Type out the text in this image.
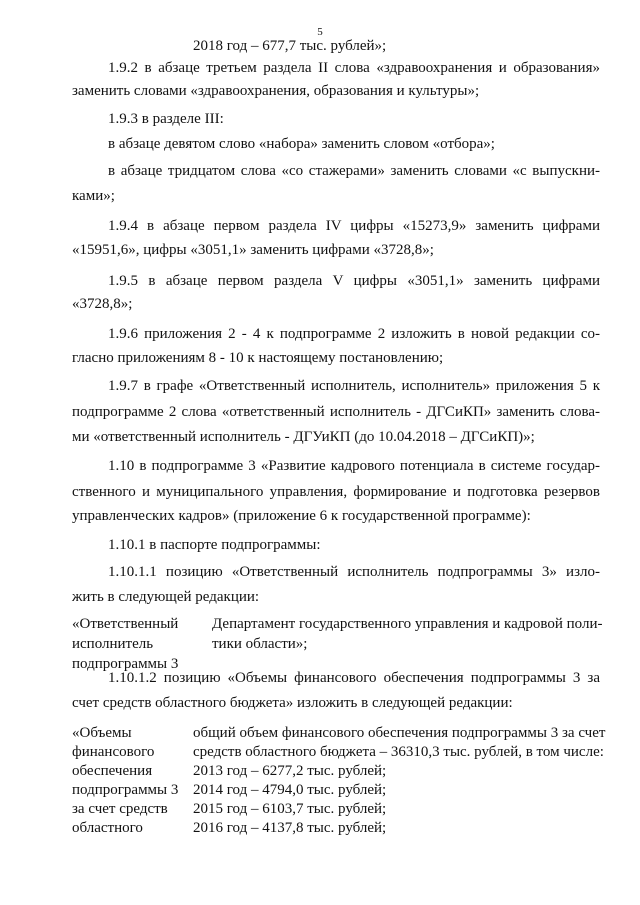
5
2018 год – 677,7 тыс. рублей»;
1.9.2 в абзаце третьем раздела II слова «здравоохранения и образования»
заменить словами «здравоохранения, образования и культуры»;
1.9.3 в разделе III:
в абзаце девятом слово «набора» заменить словом «отбора»;
в абзаце тридцатом слова «со стажерами» заменить словами «с выпускни-
ками»;
1.9.4 в абзаце первом раздела IV цифры «15273,9» заменить цифрами
«15951,6», цифры «3051,1» заменить цифрами «3728,8»;
1.9.5 в абзаце первом раздела V цифры «3051,1» заменить цифрами
«3728,8»;
1.9.6 приложения 2 - 4 к подпрограмме 2 изложить в новой редакции со-
гласно приложениям 8 - 10 к настоящему постановлению;
1.9.7 в графе «Ответственный исполнитель, исполнитель» приложения 5 к
подпрограмме 2 слова «ответственный исполнитель - ДГСиКП» заменить слова-
ми «ответственный исполнитель - ДГУиКП (до 10.04.2018 – ДГСиКП)»;
1.10 в подпрограмме 3 «Развитие кадрового потенциала в системе государ-
ственного и муниципального управления, формирование и подготовка резервов
управленческих кадров» (приложение 6 к государственной программе):
1.10.1 в паспорте подпрограммы:
1.10.1.1 позицию «Ответственный исполнитель подпрограммы 3» изло-
жить в следующей редакции:
«Ответственный
исполнитель
подпрограммы 3
Департамент государственного управления и кадровой поли-
тики области»;
1.10.1.2 позицию «Объемы финансового обеспечения подпрограммы 3 за
счет средств областного бюджета» изложить в следующей редакции:
«Объемы
финансового
обеспечения
подпрограммы 3
за счет средств
областного
общий объем финансового обеспечения подпрограммы 3 за счет
средств областного бюджета – 36310,3 тыс. рублей, в том числе:
2013 год – 6277,2 тыс. рублей;
2014 год – 4794,0 тыс. рублей;
2015 год – 6103,7 тыс. рублей;
2016 год – 4137,8 тыс. рублей;
